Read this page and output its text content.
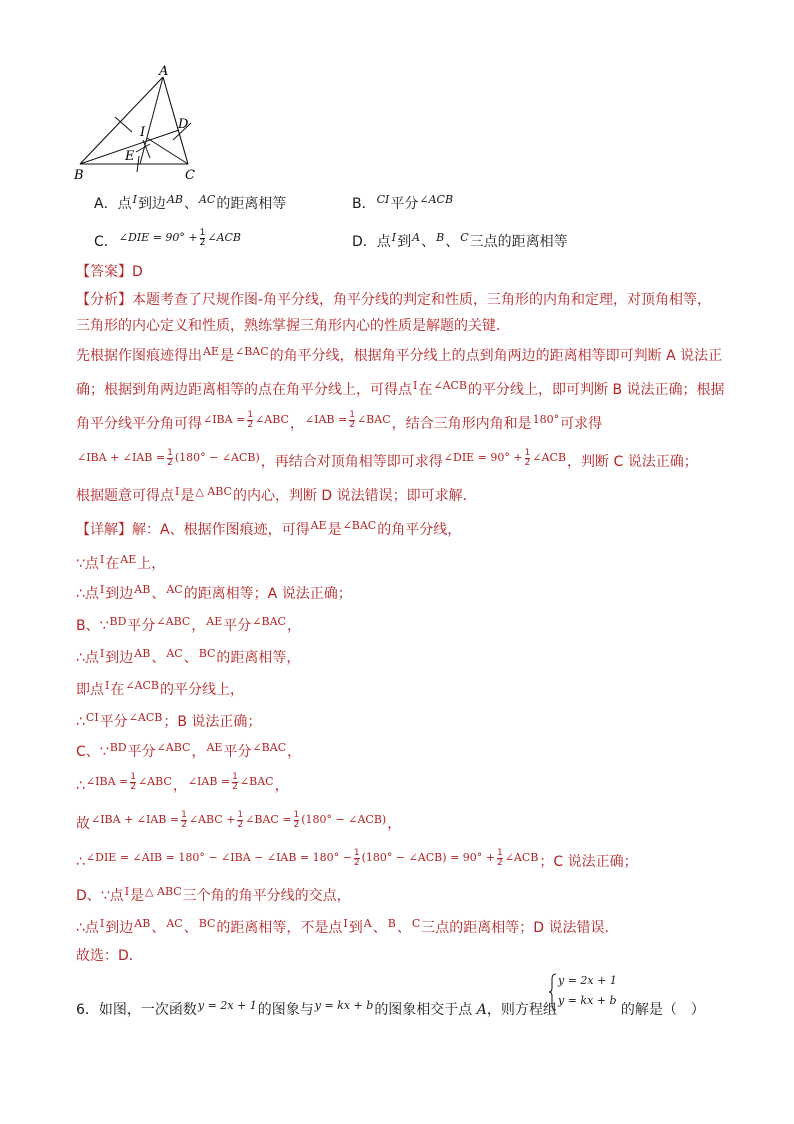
A
B	C
D
E
I
A．点$^I$到边$^{AB}$、$^{AC}$的距离相等	B．$^{CI}$平分$^{\angle ACB}$
C．$^{\angle DIE = 90^\circ +} \frac{1}{2} ^{\angle ACB}$	D．点$^I$到$^A$、$^B$、$^C$三点的距离相等
【答案】D
【分析】本题考查了尺规作图-角平分线，角平分线的判定和性质，三角形的内角和定理，对顶角相等，
三角形的内心定义和性质，熟练掌握三角形内心的性质是解题的关键．
先根据作图痕迹得出$^{AE}$是$^{\angle BAC}$的角平分线，根据角平分线上的点到角两边的距离相等即可判断 A 说法正
确；根据到角两边距离相等的点在角平分线上，可得点$^I$在$^{\angle ACB}$的平分线上，即可判断 B 说法正确；根据
角平分线平分角可得$^{\angle IBA =} \frac{1}{2} ^{\angle ABC}$，$^{\angle IAB =} \frac{1}{2} ^{\angle BAC}$，结合三角形内角和是$^{180^\circ}$可求得
$^{\angle IBA + \angle IAB =} \frac{1}{2} ^{(180^\circ - \angle ACB)}$，再结合对顶角相等即可求得$^{\angle DIE = 90^\circ +} \frac{1}{2} ^{\angle ACB}$，判断 C 说法正确；
根据题意可得点$^I$是$^{\triangle ABC}$的内心，判断 D 说法错误；即可求解．
【详解】解：A、根据作图痕迹，可得$^{AE}$是$^{\angle BAC}$的角平分线，
∵点$^I$在$^{AE}$上，
∴点$^I$到边$^{AB}$、$^{AC}$的距离相等；A 说法正确；
B、∵$^{BD}$平分$^{\angle ABC}$，$^{AE}$平分$^{\angle BAC}$，
∴点$^I$到边$^{AB}$、$^{AC}$、$^{BC}$的距离相等，
即点$^I$在$^{\angle ACB}$的平分线上，
∴$^{CI}$平分$^{\angle ACB}$；B 说法正确；
C、∵$^{BD}$平分$^{\angle ABC}$，$^{AE}$平分$^{\angle BAC}$，
∴$^{\angle IBA =}$ $\frac{1}{2} ^{\angle ABC}$，$^{\angle IAB =} \frac{1}{2} ^{\angle BAC}$，
故$^{\angle IBA + \angle IAB =} \frac{1}{2} ^{\angle ABC +} \frac{1}{2} ^{\angle BAC =} \frac{1}{2} ^{(180^\circ - \angle ACB)}$，
∴$^{\angle DIE = \angle AIB = 180^\circ - \angle IBA - \angle IAB = 180^\circ -}$ $\frac{1}{2} ^{(180^\circ - \angle ACB) = 90^\circ +} \frac{1}{2} ^{\angle ACB}$；C 说法正确；
D、∵点$^I$是$^{\triangle ABC}$三个角的角平分线的交点，
∴点$^I$到边$^{AB}$、$^{AC}$、$^{BC}$的距离相等，不是点$^I$到$^A$、$^B$、$^C$三点的距离相等；D 说法错误．
故选：D．
6．如图，一次函数$^{y = 2x + 1}$的图象与$^{y = kx + b}$的图象相交于点 A，则方程组	的解是（　）
y = 2x + 1
y = kx + b
